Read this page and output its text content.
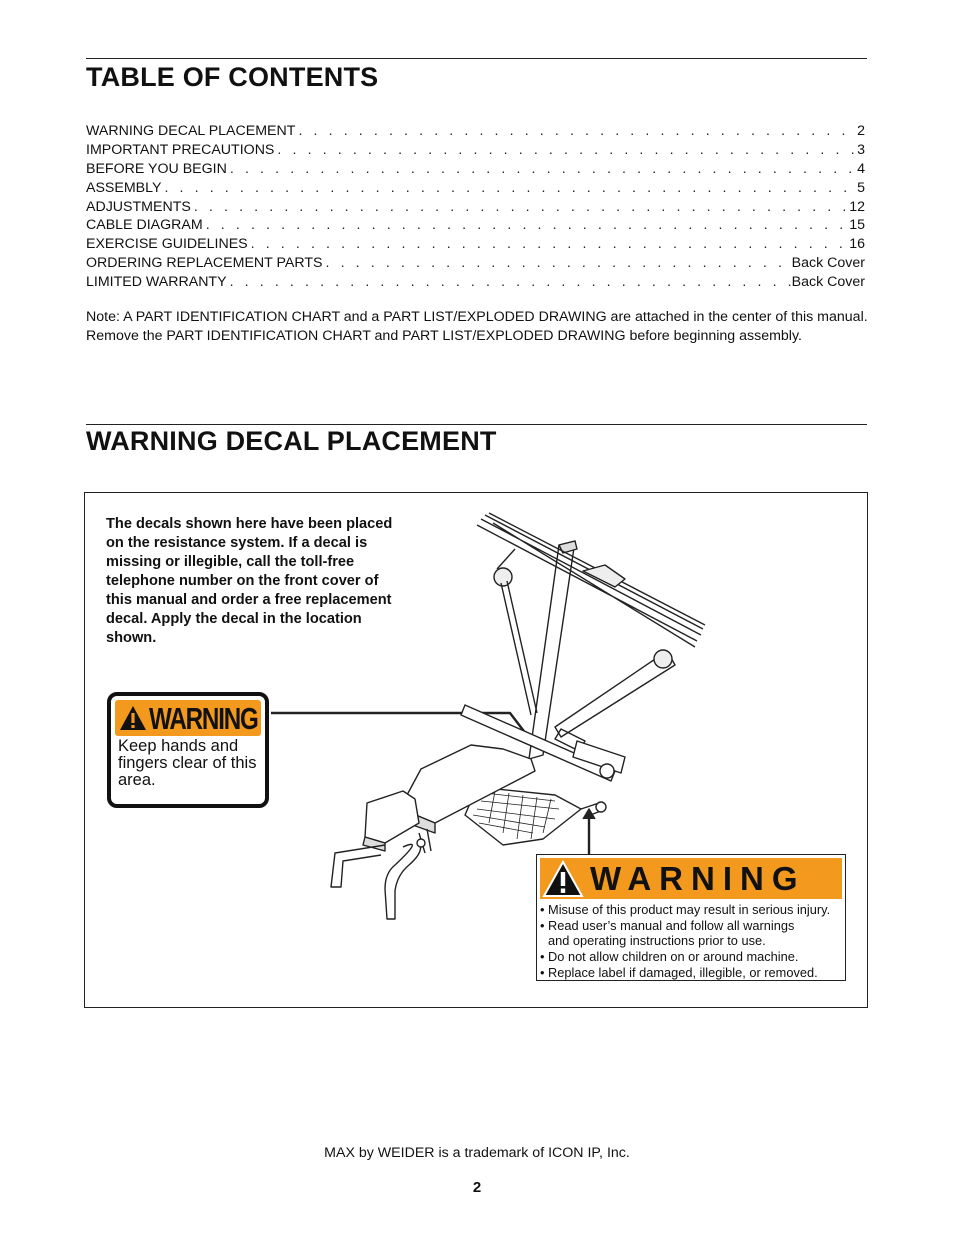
TABLE OF CONTENTS
WARNING DECAL PLACEMENT . . .	2
IMPORTANT PRECAUTIONS . . .	3
BEFORE YOU BEGIN . . .	4
ASSEMBLY . . .	5
ADJUSTMENTS . . .	12
CABLE DIAGRAM . . .	15
EXERCISE GUIDELINES . . .	16
ORDERING REPLACEMENT PARTS . . .	Back Cover
LIMITED WARRANTY . . .	Back Cover

Note: A PART IDENTIFICATION CHART and a PART LIST/EXPLODED DRAWING are attached in the center of this manual. Remove the PART IDENTIFICATION CHART and PART LIST/EXPLODED DRAWING before beginning assembly.

WARNING DECAL PLACEMENT

The decals shown here have been placed on the resistance system. If a decal is missing or illegible, call the toll-free telephone number on the front cover of this manual and order a free replacement decal. Apply the decal in the location shown.

WARNING
Keep hands and fingers clear of this area.
WARNING
• Misuse of this product may result in serious injury.
• Read user’s manual and follow all warnings
and operating instructions prior to use.
• Do not allow children on or around machine.
• Replace label if damaged, illegible, or removed.
MAX by WEIDER is a trademark of ICON IP, Inc.
2
